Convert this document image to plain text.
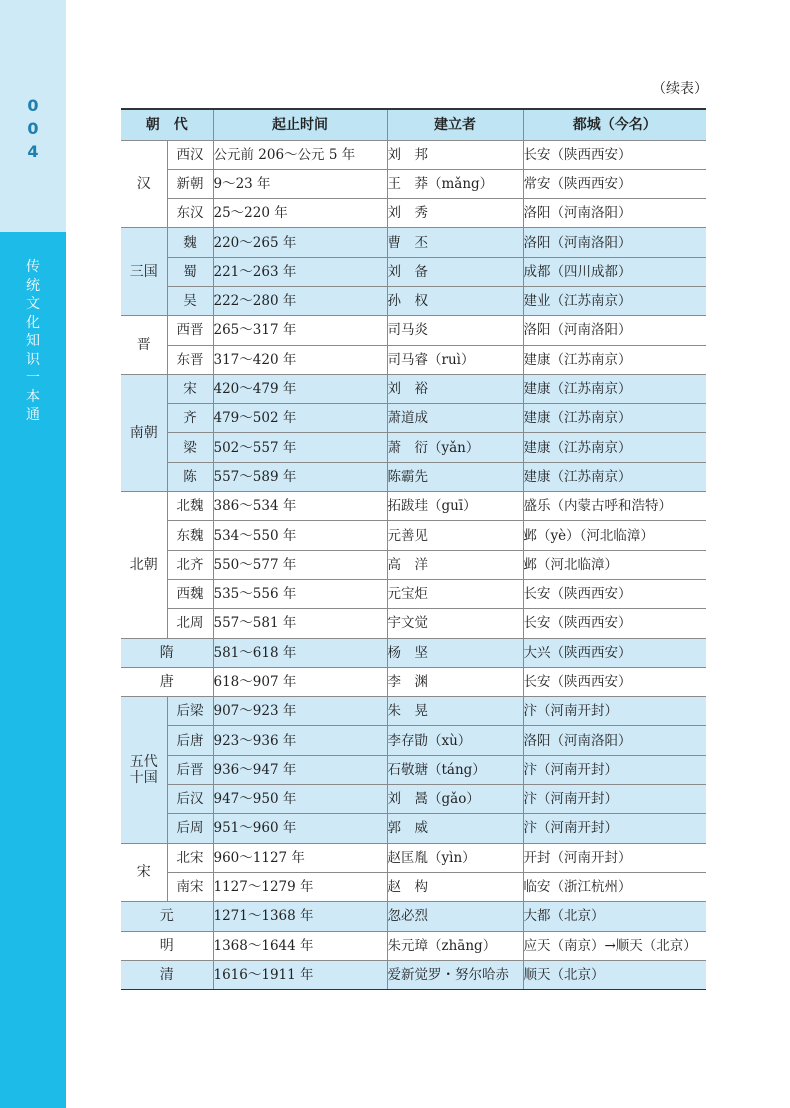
004
传统文化知识一本通
（续表）
朝　代		起止时间	建立者	都城（今名）
汉	西汉	公元前 206～公元 5 年	刘　邦	长安（陕西西安）
	新朝	9～23 年	王　莽（mǎng）	常安（陕西西安）
	东汉	25～220 年	刘　秀	洛阳（河南洛阳）
三国	魏	220～265 年	曹　丕	洛阳（河南洛阳）
	蜀	221～263 年	刘　备	成都（四川成都）
	吴	222～280 年	孙　权	建业（江苏南京）
晋	西晋	265～317 年	司马炎	洛阳（河南洛阳）
	东晋	317～420 年	司马睿（ruì）	建康（江苏南京）
南朝	宋	420～479 年	刘　裕	建康（江苏南京）
	齐	479～502 年	萧道成	建康（江苏南京）
	梁	502～557 年	萧　衍（yǎn）	建康（江苏南京）
	陈	557～589 年	陈霸先	建康（江苏南京）
北朝	北魏	386～534 年	拓跋珪（guī）	盛乐（内蒙古呼和浩特）
	东魏	534～550 年	元善见	邺（yè）（河北临漳）
	北齐	550～577 年	高　洋	邺（河北临漳）
	西魏	535～556 年	元宝炬	长安（陕西西安）
	北周	557～581 年	宇文觉	长安（陕西西安）
隋		581～618 年	杨　坚	大兴（陕西西安）
唐		618～907 年	李　渊	长安（陕西西安）
五代
十国	后梁	907～923 年	朱　晃	汴（河南开封）
	后唐	923～936 年	李存勖（xù）	洛阳（河南洛阳）
	后晋	936～947 年	石敬瑭（táng）	汴（河南开封）
	后汉	947～950 年	刘　暠（gǎo）	汴（河南开封）
	后周	951～960 年	郭　威	汴（河南开封）
宋	北宋	960～1127 年	赵匡胤（yìn）	开封（河南开封）
	南宋	1127～1279 年	赵　构	临安（浙江杭州）
元		1271～1368 年	忽必烈	大都（北京）
明		1368～1644 年	朱元璋（zhāng）	应天（南京）→顺天（北京）
清		1616～1911 年	爱新觉罗・努尔哈赤	顺天（北京）
